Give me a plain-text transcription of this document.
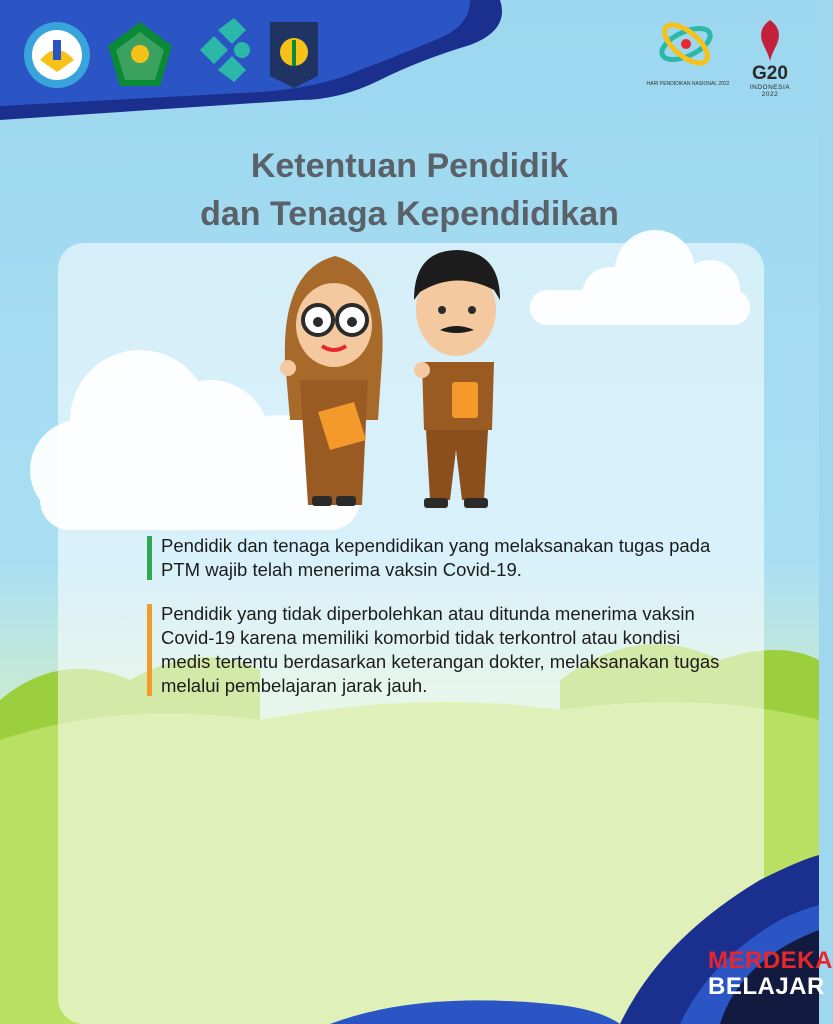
HARI PENDIDIKAN NASIONAL 2022	G20
INDONESIA
2022
Ketentuan Pendidik
dan Tenaga Kependidikan
Pendidik dan tenaga kependidikan yang melaksanakan tugas pada PTM wajib telah menerima vaksin Covid-19.
Pendidik yang tidak diperbolehkan atau ditunda menerima vaksin Covid-19 karena memiliki komorbid tidak terkontrol atau kondisi medis tertentu berdasarkan keterangan dokter, melaksanakan tugas melalui pembelajaran jarak jauh.
MERDEKA
BELAJAR
